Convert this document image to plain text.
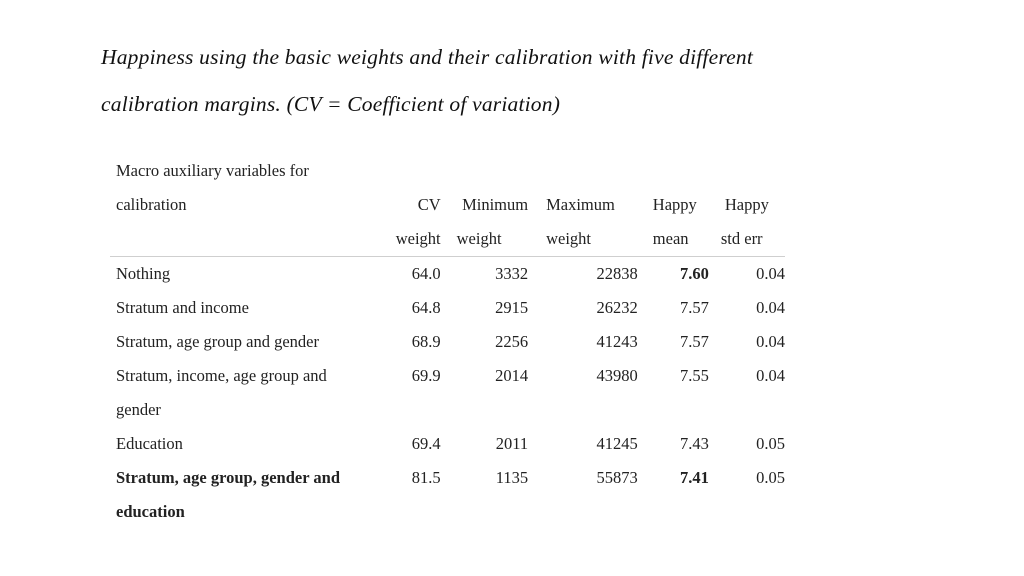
Happiness using the basic weights and their calibration with five different
calibration margins. (CV = Coefficient of variation)
Macro auxiliary variables for					
calibration	CV	Minimum	Maximum	Happy	Happy
	weight	weight	weight	mean	std err
Nothing	64.0	3332	22838	7.60	0.04
Stratum and income	64.8	2915	26232	7.57	0.04
Stratum, age group and gender	68.9	2256	41243	7.57	0.04
Stratum, income, age group and	69.9	2014	43980	7.55	0.04
gender					
Education	69.4	2011	41245	7.43	0.05
Stratum, age group, gender and	81.5	1135	55873	7.41	0.05
education					
